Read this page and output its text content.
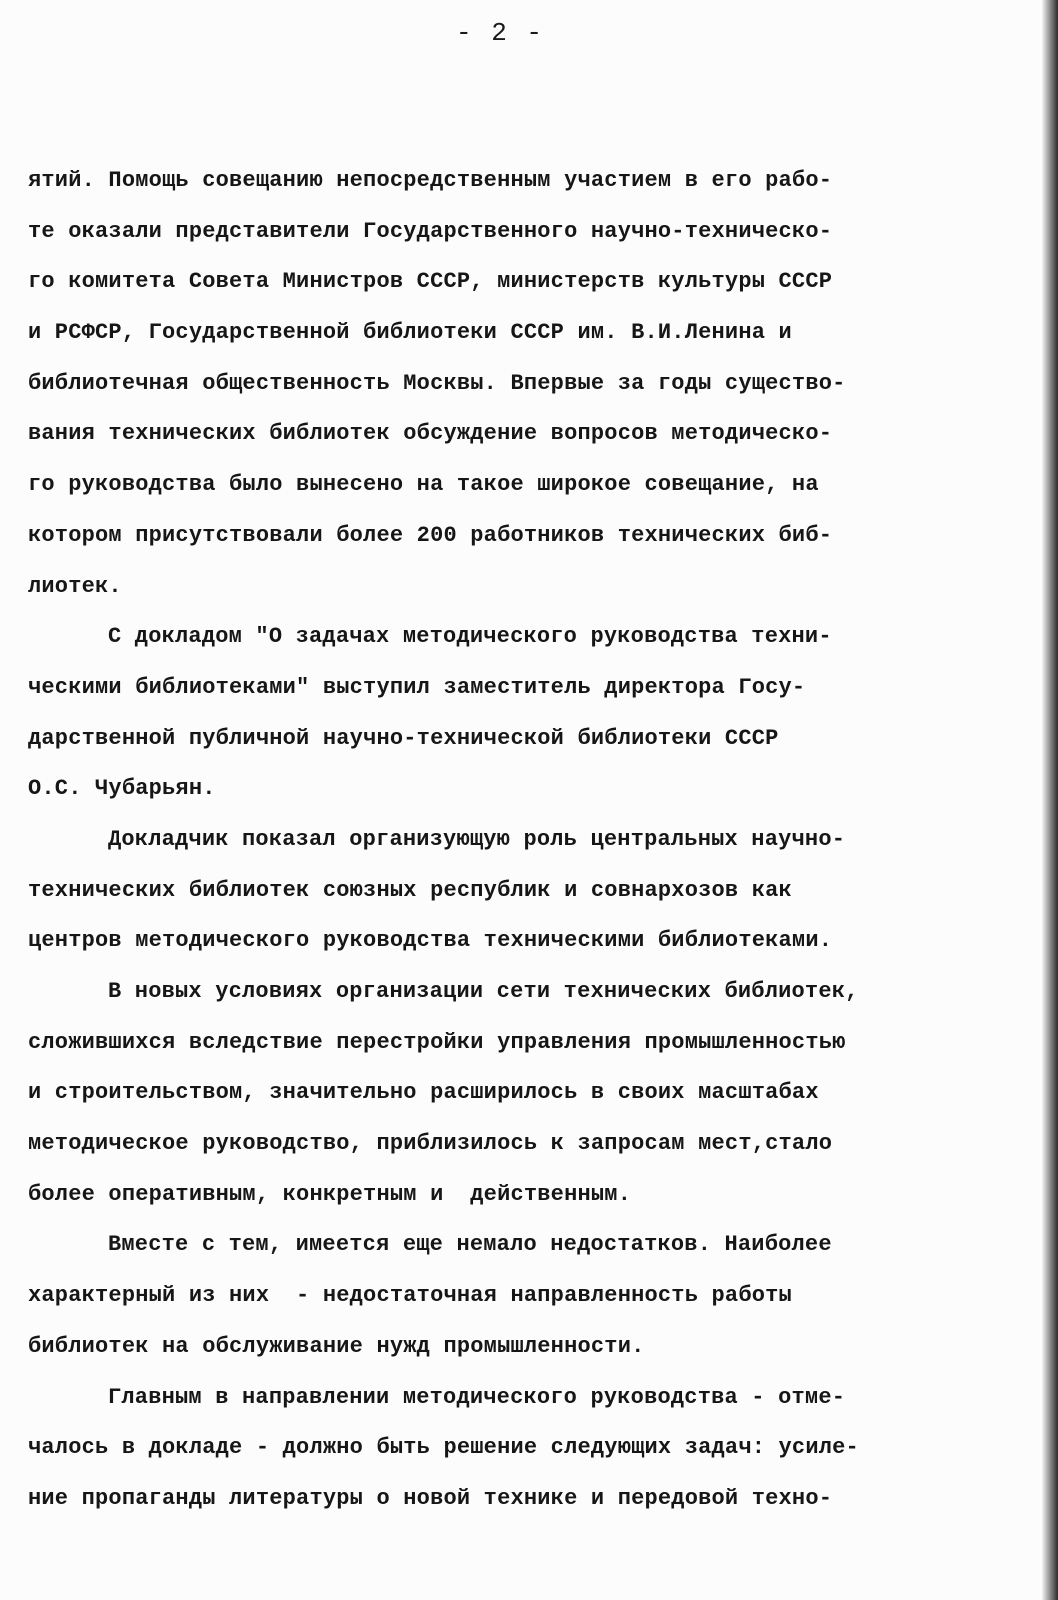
- 2 -
ятий. Помощь совещанию непосредственным участием в его рабо-
те оказали представители Государственного научно-техническо-
го комитета Совета Министров СССР, министерств культуры СССР
и РСФСР, Государственной библиотеки СССР им. В.И.Ленина и
библиотечная общественность Москвы. Впервые за годы существо-
вания технических библиотек обсуждение вопросов методическо-
го руководства было вынесено на такое широкое совещание, на
котором присутствовали более 200 работников технических биб-
лиотек.
С докладом "О задачах методического руководства техни-
ческими библиотеками" выступил заместитель директора Госу-
дарственной публичной научно-технической библиотеки СССР
О.С. Чубарьян.
Докладчик показал организующую роль центральных научно-
технических библиотек союзных республик и совнархозов как
центров методического руководства техническими библиотеками.
В новых условиях организации сети технических библиотек,
сложившихся вследствие перестройки управления промышленностью
и строительством, значительно расширилось в своих масштабах
методическое руководство, приблизилось к запросам мест,стало
более оперативным, конкретным и  действенным.
Вместе с тем, имеется еще немало недостатков. Наиболее
характерный из них  - недостаточная направленность работы
библиотек на обслуживание нужд промышленности.
Главным в направлении методического руководства - отме-
чалось в докладе - должно быть решение следующих задач: усиле-
ние пропаганды литературы о новой технике и передовой техно-
